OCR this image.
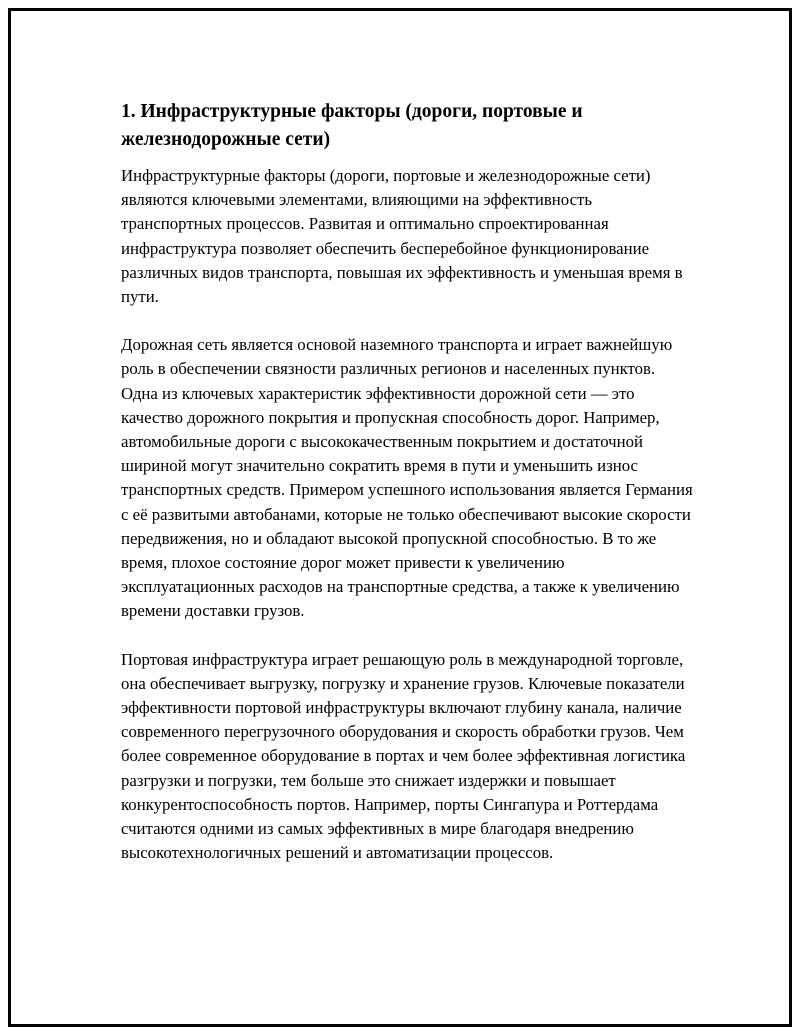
1. Инфраструктурные факторы (дороги, портовые и железнодорожные сети)

Инфраструктурные факторы (дороги, портовые и железнодорожные сети) являются ключевыми элементами, влияющими на эффективность транспортных процессов. Развитая и оптимально спроектированная инфраструктура позволяет обеспечить бесперебойное функционирование различных видов транспорта, повышая их эффективность и уменьшая время в пути.

Дорожная сеть является основой наземного транспорта и играет важнейшую роль в обеспечении связности различных регионов и населенных пунктов. Одна из ключевых характеристик эффективности дорожной сети — это качество дорожного покрытия и пропускная способность дорог. Например, автомобильные дороги с высококачественным покрытием и достаточной шириной могут значительно сократить время в пути и уменьшить износ транспортных средств. Примером успешного использования является Германия с её развитыми автобанами, которые не только обеспечивают высокие скорости передвижения, но и обладают высокой пропускной способностью. В то же время, плохое состояние дорог может привести к увеличению эксплуатационных расходов на транспортные средства, а также к увеличению времени доставки грузов.

Портовая инфраструктура играет решающую роль в международной торговле, она обеспечивает выгрузку, погрузку и хранение грузов. Ключевые показатели эффективности портовой инфраструктуры включают глубину канала, наличие современного перегрузочного оборудования и скорость обработки грузов. Чем более современное оборудование в портах и чем более эффективная логистика разгрузки и погрузки, тем больше это снижает издержки и повышает конкурентоспособность портов. Например, порты Сингапура и Роттердама считаются одними из самых эффективных в мире благодаря внедрению высокотехнологичных решений и автоматизации процессов.
